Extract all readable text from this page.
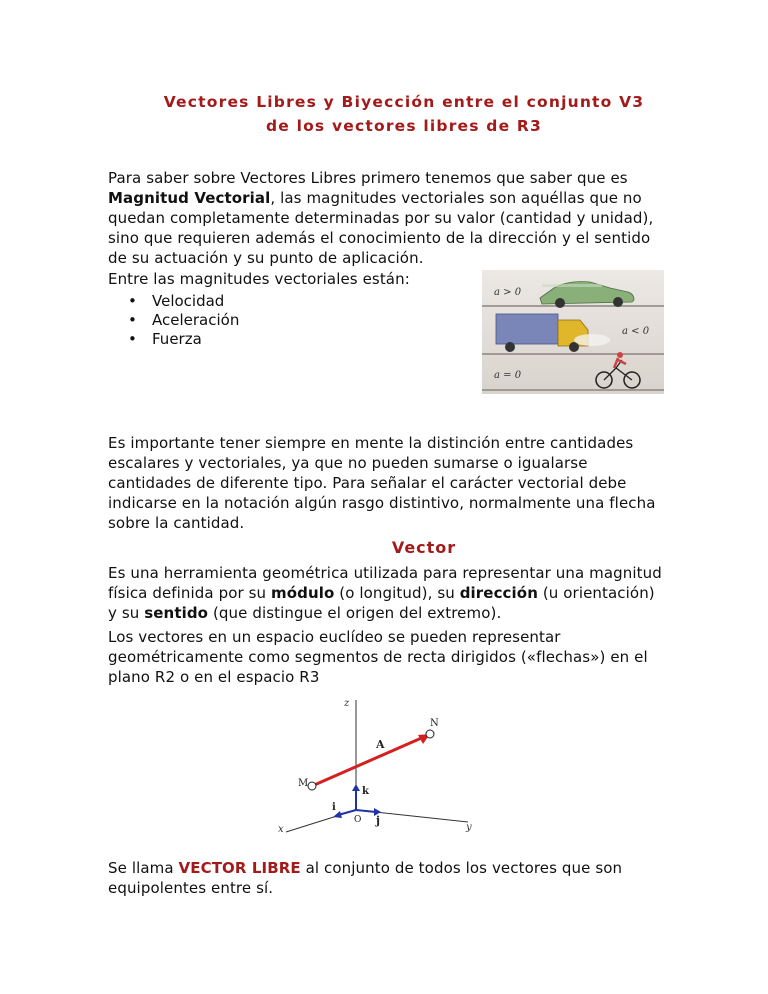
Vectores Libres y Biyección entre el conjunto V3
de los vectores libres de R3

Para saber sobre Vectores Libres primero tenemos que saber que es Magnitud Vectorial, las magnitudes vectoriales son aquéllas que no quedan completamente determinadas por su valor (cantidad y unidad), sino que requieren además el conocimiento de la dirección y el sentido de su actuación y su punto de aplicación.

Entre las magnitudes vectoriales están:

• Velocidad
• Aceleración
• Fuerza
a > 0
a < 0
a = 0

Es importante tener siempre en mente la distinción entre cantidades escalares y vectoriales, ya que no pueden sumarse o igualarse cantidades de diferente tipo. Para señalar el carácter vectorial debe indicarse en la notación algún rasgo distintivo, normalmente una flecha sobre la cantidad.

Vector

Es una herramienta geométrica utilizada para representar una magnitud física definida por su módulo (o longitud), su dirección (u orientación) y su sentido (que distingue el origen del extremo).

Los vectores en un espacio euclídeo se pueden representar geométricamente como segmentos de recta dirigidos («flechas») en el plano R2 o en el espacio R3

z
x	y
k
i
j
O
M
N
A

Se llama VECTOR LIBRE al conjunto de todos los vectores que son equipolentes entre sí.
